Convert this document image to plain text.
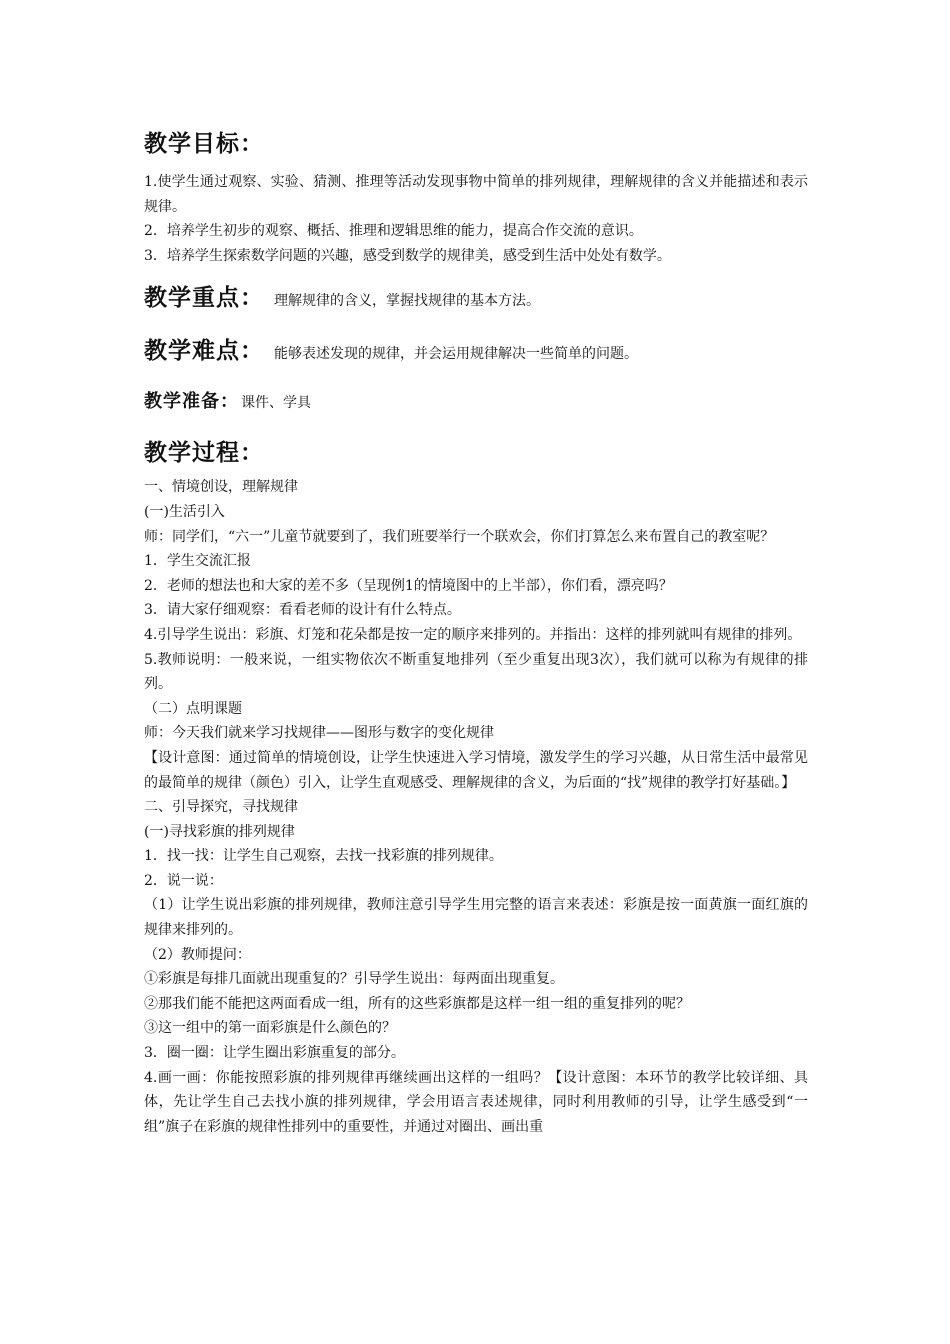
教学目标：

1.使学生通过观察、实验、猜测、推理等活动发现事物中简单的排列规律，理解规律的含义并能描述和表示规律。

2．培养学生初步的观察、概括、推理和逻辑思维的能力，提高合作交流的意识。

3．培养学生探索数学问题的兴趣，感受到数学的规律美，感受到生活中处处有数学。

教学重点： 理解规律的含义，掌握找规律的基本方法。
教学难点： 能够表述发现的规律，并会运用规律解决一些简单的问题。
教学准备： 课件、学具
教学过程：

一、情境创设，理解规律

(一)生活引入

师：同学们，“六一”儿童节就要到了，我们班要举行一个联欢会，你们打算怎么来布置自己的教室呢？

1．学生交流汇报

2．老师的想法也和大家的差不多（呈现例1的情境图中的上半部），你们看，漂亮吗？

3．请大家仔细观察：看看老师的设计有什么特点。

4.引导学生说出：彩旗、灯笼和花朵都是按一定的顺序来排列的。并指出：这样的排列就叫有规律的排列。

5.教师说明：一般来说，一组实物依次不断重复地排列（至少重复出现3次），我们就可以称为有规律的排列。

（二）点明课题

师：今天我们就来学习找规律——图形与数字的变化规律

【设计意图：通过简单的情境创设，让学生快速进入学习情境，激发学生的学习兴趣，从日常生活中最常见的最简单的规律（颜色）引入，让学生直观感受、理解规律的含义，为后面的“找”规律的教学打好基础。】

二、引导探究，寻找规律

(一)寻找彩旗的排列规律

1．找一找：让学生自己观察，去找一找彩旗的排列规律。

2．说一说：

（1）让学生说出彩旗的排列规律，教师注意引导学生用完整的语言来表述：彩旗是按一面黄旗一面红旗的规律来排列的。

（2）教师提问：

①彩旗是每排几面就出现重复的？引导学生说出：每两面出现重复。

②那我们能不能把这两面看成一组，所有的这些彩旗都是这样一组一组的重复排列的呢？

③这一组中的第一面彩旗是什么颜色的？

3．圈一圈：让学生圈出彩旗重复的部分。

4.画一画：你能按照彩旗的排列规律再继续画出这样的一组吗？【设计意图：本环节的教学比较详细、具体，先让学生自己去找小旗的排列规律，学会用语言表述规律，同时利用教师的引导，让学生感受到“一组”旗子在彩旗的规律性排列中的重要性，并通过对圈出、画出重
